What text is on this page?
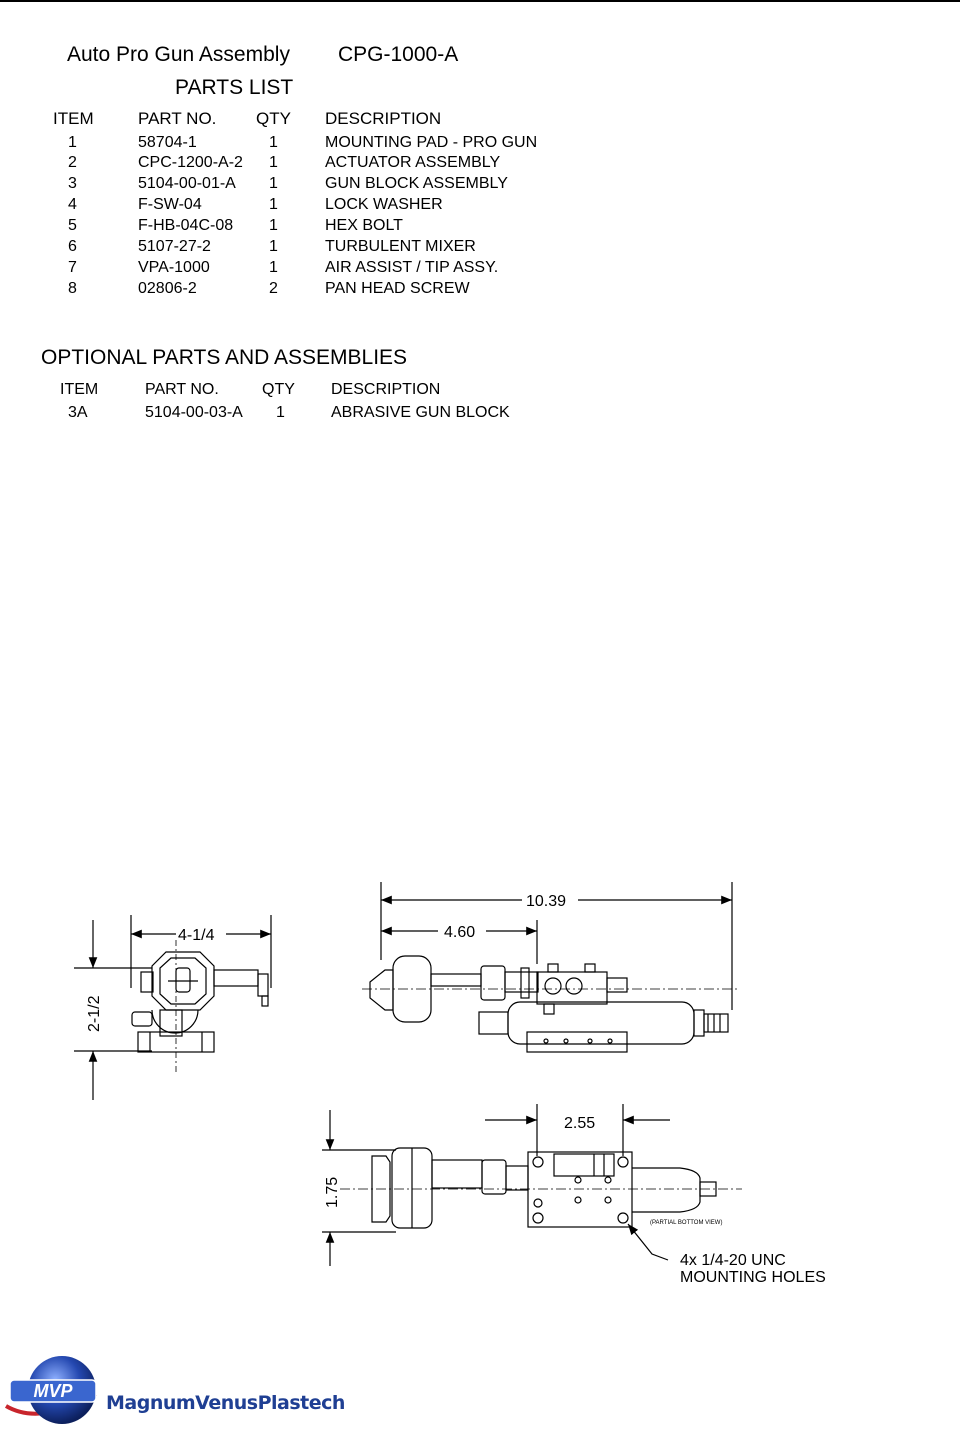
Auto Pro Gun Assembly CPG-1000-A
PARTS LIST
ITEM	PART NO. QTY DESCRIPTION
1	58704-1	1	MOUNTING PAD - PRO GUN
2	CPC-1200-A-2 1	ACTUATOR ASSEMBLY
3	5104-00-01-A 1	GUN BLOCK ASSEMBLY
4	F-SW-04	1	LOCK WASHER
5	F-HB-04C-08 1	HEX BOLT
6	5107-27-2	1	TURBULENT MIXER
7	VPA-1000	1	AIR ASSIST / TIP ASSY.
8	02806-2	2	PAN HEAD SCREW
OPTIONAL PARTS AND ASSEMBLIES
ITEM	PART NO.	QTY DESCRIPTION
3A	5104-00-03-A 1	ABRASIVE GUN BLOCK
4-1/4
2-1/2
10.39
4.60
2.55
1.75
(PARTIAL BOTTOM VIEW)
4x 1/4-20 UNC
MOUNTING HOLES
MVP
MagnumVenusPlastech
